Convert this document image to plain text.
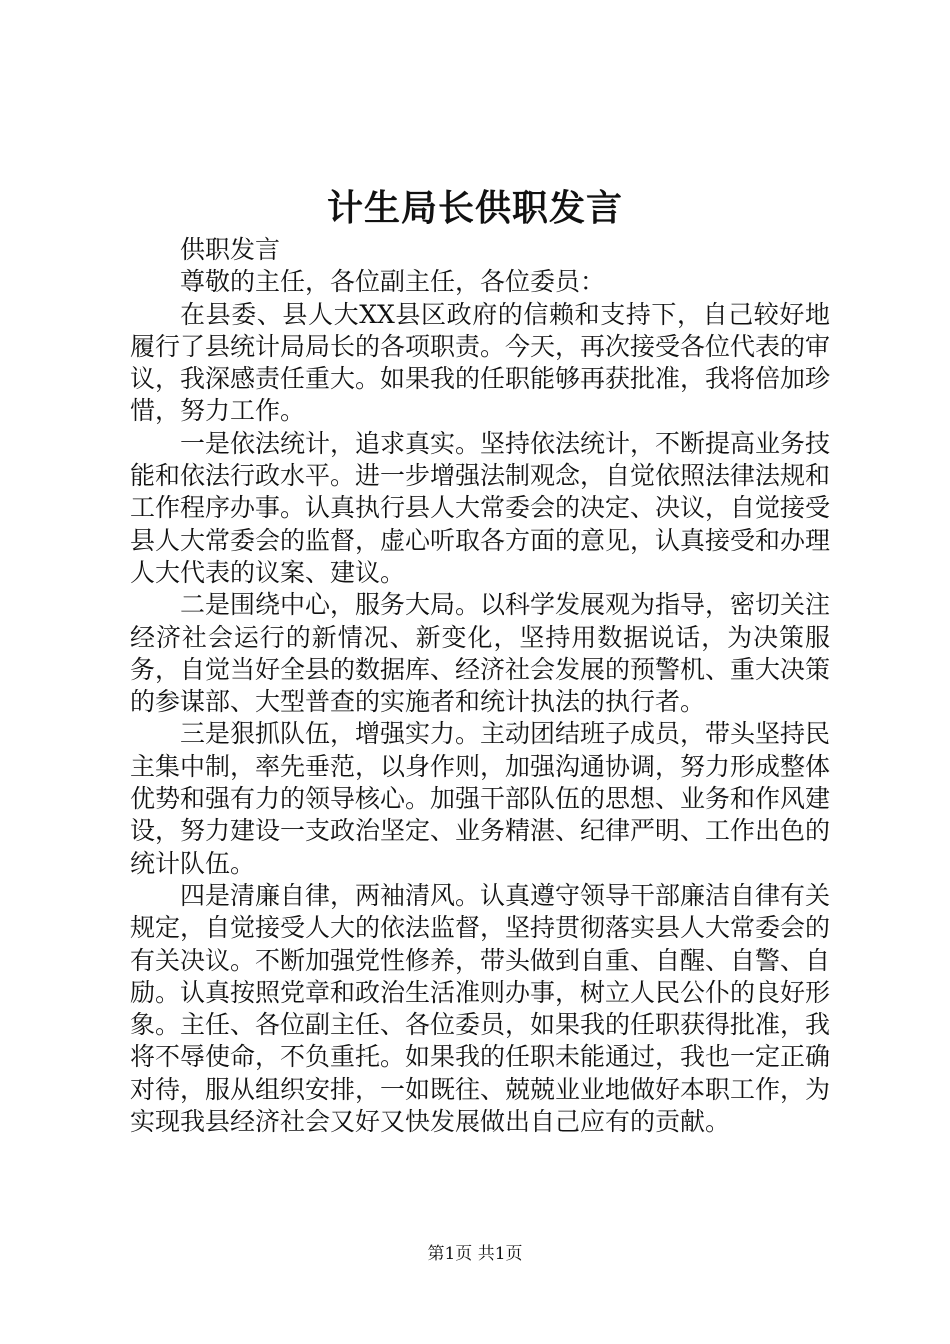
计生局长供职发言

供职发言

尊敬的主任，各位副主任，各位委员：

在县委、县人大XX县区政府的信赖和支持下，自己较好地履行了县统计局局长的各项职责。今天，再次接受各位代表的审议，我深感责任重大。如果我的任职能够再获批准，我将倍加珍惜，努力工作。

一是依法统计，追求真实。坚持依法统计，不断提高业务技能和依法行政水平。进一步增强法制观念，自觉依照法律法规和工作程序办事。认真执行县人大常委会的决定、决议，自觉接受县人大常委会的监督，虚心听取各方面的意见，认真接受和办理人大代表的议案、建议。

二是围绕中心，服务大局。以科学发展观为指导，密切关注经济社会运行的新情况、新变化，坚持用数据说话，为决策服务，自觉当好全县的数据库、经济社会发展的预警机、重大决策的参谋部、大型普查的实施者和统计执法的执行者。

三是狠抓队伍，增强实力。主动团结班子成员，带头坚持民主集中制，率先垂范，以身作则，加强沟通协调，努力形成整体优势和强有力的领导核心。加强干部队伍的思想、业务和作风建设，努力建设一支政治坚定、业务精湛、纪律严明、工作出色的统计队伍。

四是清廉自律，两袖清风。认真遵守领导干部廉洁自律有关规定，自觉接受人大的依法监督，坚持贯彻落实县人大常委会的有关决议。不断加强党性修养，带头做到自重、自醒、自警、自励。认真按照党章和政治生活准则办事，树立人民公仆的良好形象。主任、各位副主任、各位委员，如果我的任职获得批准，我将不辱使命，不负重托。如果我的任职未能通过，我也一定正确对待，服从组织安排，一如既往、兢兢业业地做好本职工作，为实现我县经济社会又好又快发展做出自己应有的贡献。

第1页 共1页
